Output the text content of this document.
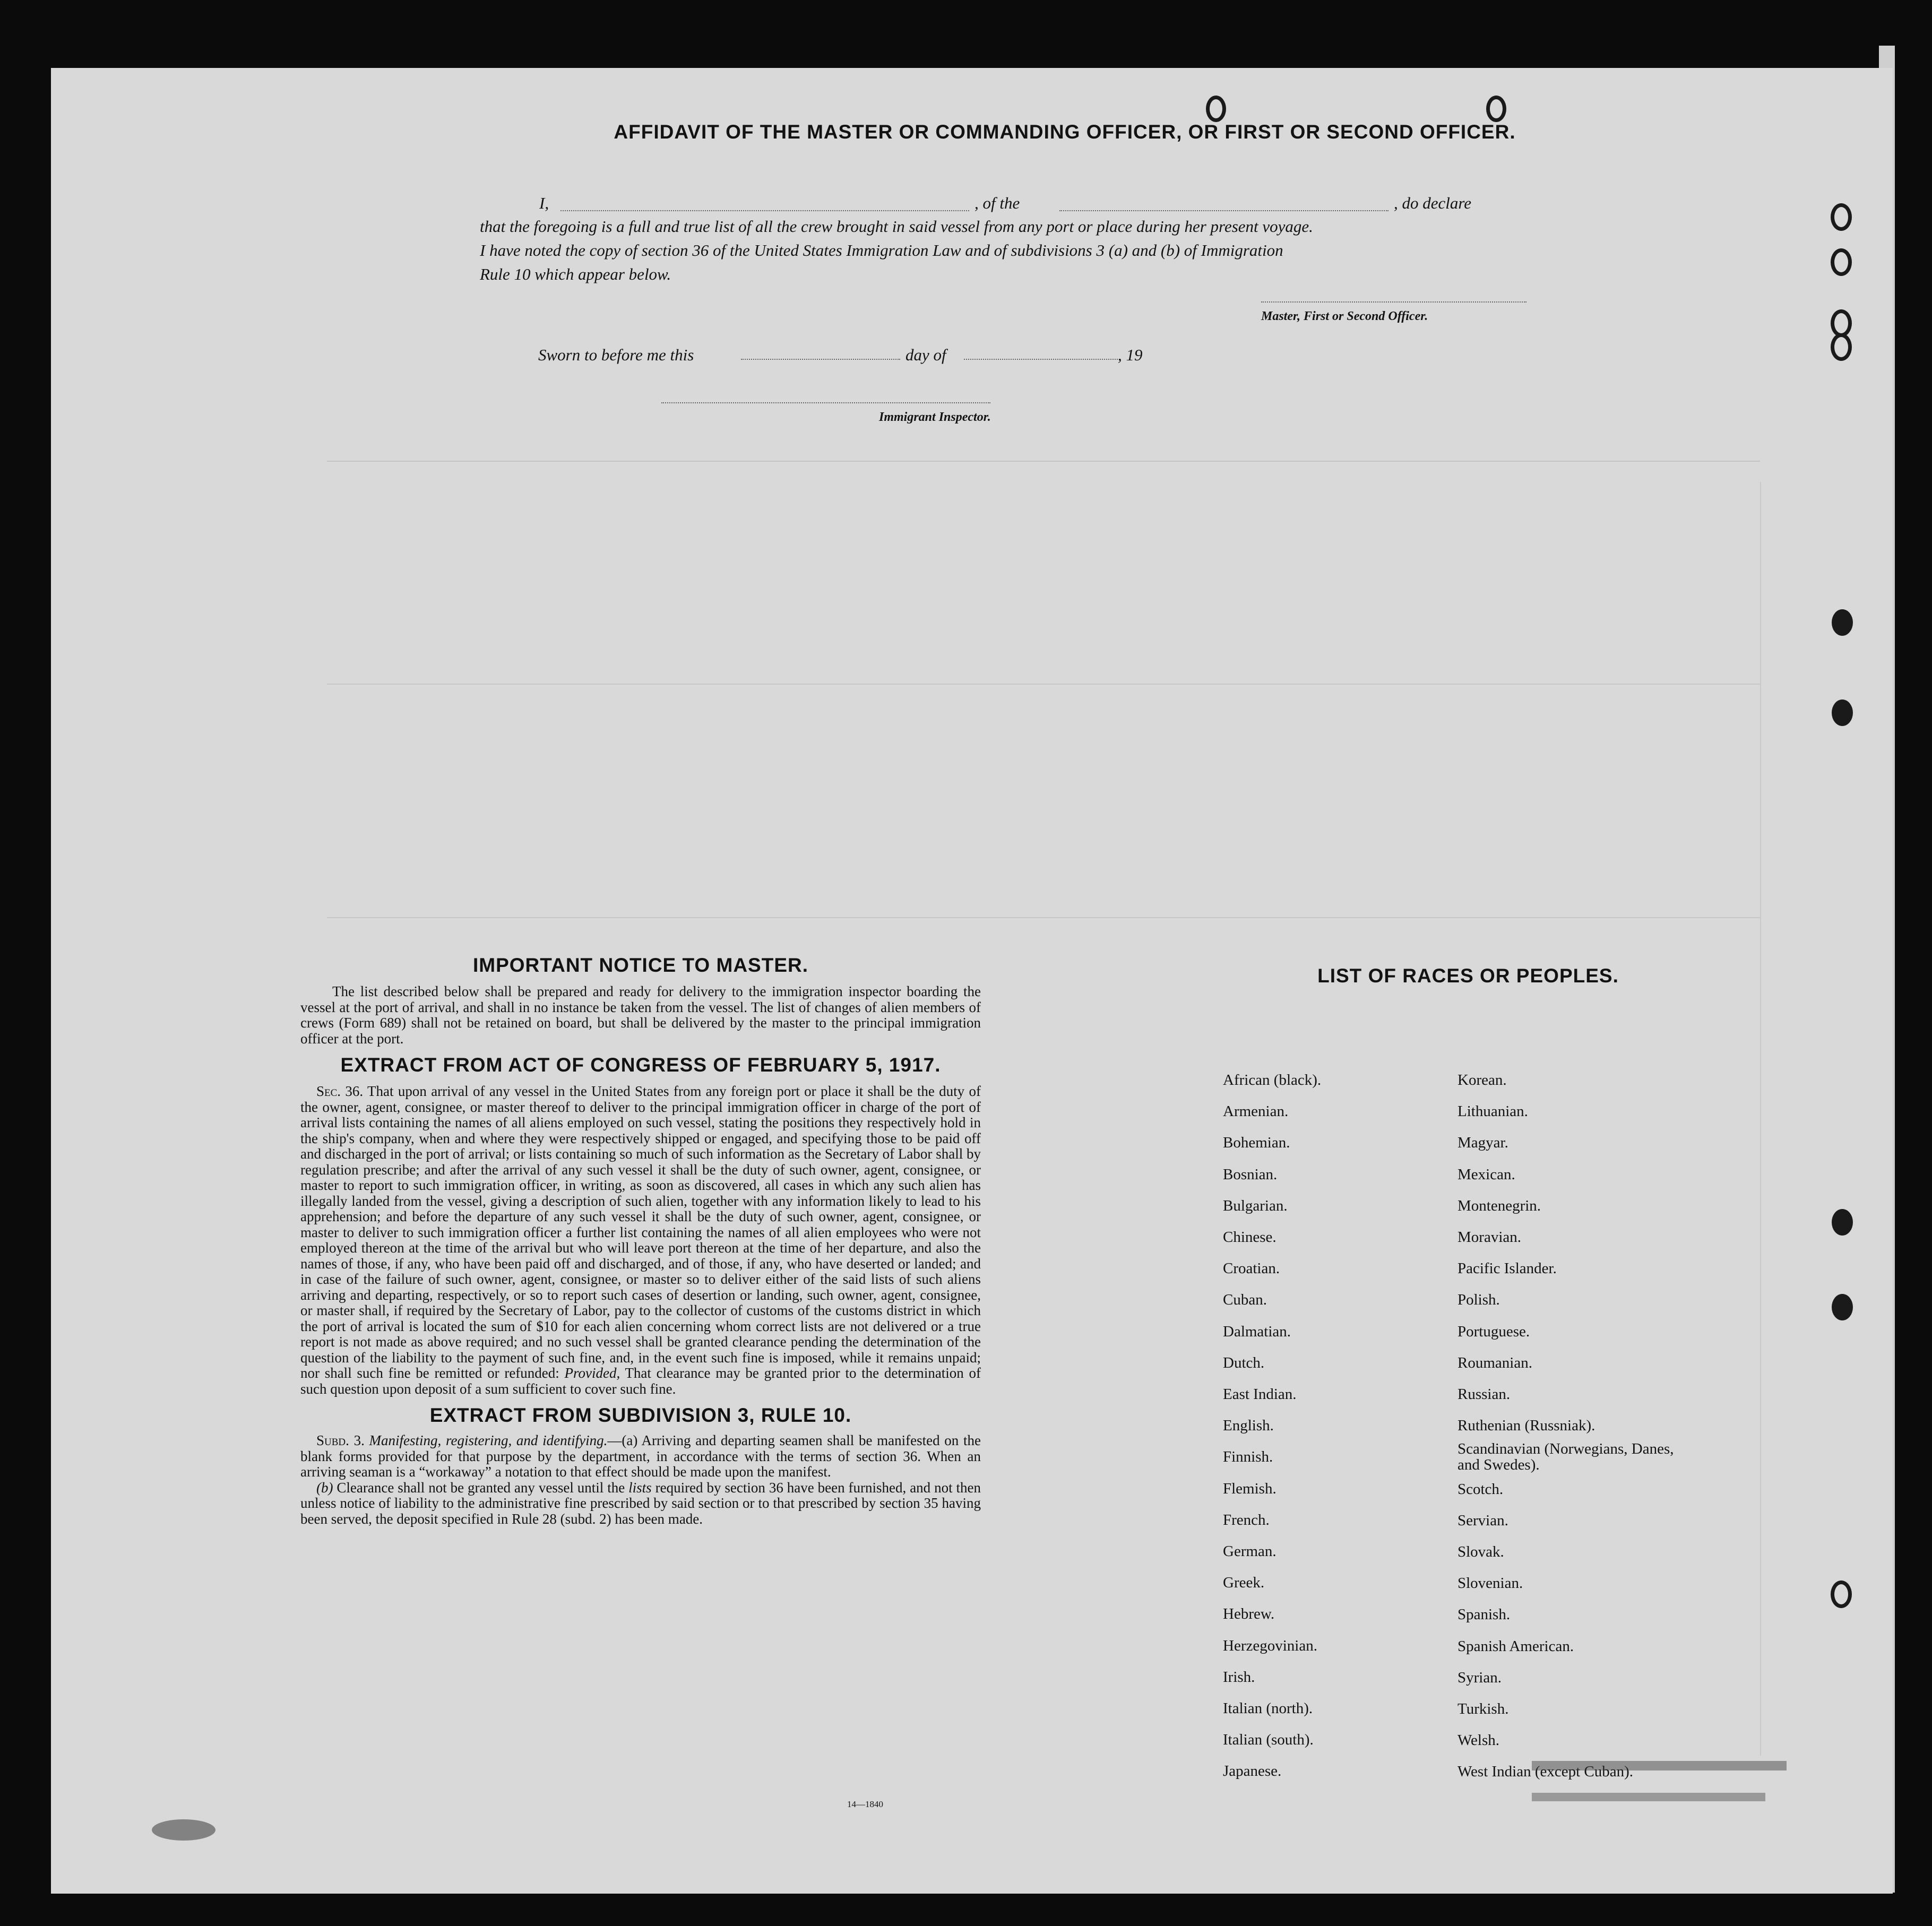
AFFIDAVIT OF THE MASTER OR COMMANDING OFFICER, OR FIRST OR SECOND OFFICER.
I,	, of the	, do declare
that the foregoing is a full and true list of all the crew brought in said vessel from any port or place during her present voyage.
I have noted the copy of section 36 of the United States Immigration Law and of subdivisions 3 (a) and (b) of Immigration
Rule 10 which appear below.
Master, First or Second Officer.
Sworn to before me this	day of	, 19
Immigrant Inspector.
IMPORTANT NOTICE TO MASTER.

The list described below shall be prepared and ready for delivery to the immigration inspector boarding the vessel at the port of arrival, and shall in no instance be taken from the vessel. The list of changes of alien members of crews (Form 689) shall not be retained on board, but shall be delivered by the master to the principal immigration officer at the port.

EXTRACT FROM ACT OF CONGRESS OF FEBRUARY 5, 1917.

Sec. 36. That upon arrival of any vessel in the United States from any foreign port or place it shall be the duty of the owner, agent, consignee, or master thereof to deliver to the principal immigration officer in charge of the port of arrival lists containing the names of all aliens employed on such vessel, stating the positions they respectively hold in the ship's company, when and where they were respectively shipped or engaged, and specifying those to be paid off and discharged in the port of arrival; or lists containing so much of such information as the Secretary of Labor shall by regulation prescribe; and after the arrival of any such vessel it shall be the duty of such owner, agent, consignee, or master to report to such immigration officer, in writing, as soon as discovered, all cases in which any such alien has illegally landed from the vessel, giving a description of such alien, together with any information likely to lead to his apprehension; and before the departure of any such vessel it shall be the duty of such owner, agent, consignee, or master to deliver to such immigration officer a further list containing the names of all alien employees who were not employed thereon at the time of the arrival but who will leave port thereon at the time of her departure, and also the names of those, if any, who have been paid off and discharged, and of those, if any, who have deserted or landed; and in case of the failure of such owner, agent, consignee, or master so to deliver either of the said lists of such aliens arriving and departing, respectively, or so to report such cases of desertion or landing, such owner, agent, consignee, or master shall, if required by the Secretary of Labor, pay to the collector of customs of the customs district in which the port of arrival is located the sum of $10 for each alien concerning whom correct lists are not delivered or a true report is not made as above required; and no such vessel shall be granted clearance pending the determination of the question of the liability to the payment of such fine, and, in the event such fine is imposed, while it remains unpaid; nor shall such fine be remitted or refunded: Provided, That clearance may be granted prior to the determination of such question upon deposit of a sum sufficient to cover such fine.

EXTRACT FROM SUBDIVISION 3, RULE 10.

Subd. 3. Manifesting, registering, and identifying.—(a) Arriving and departing seamen shall be manifested on the blank forms provided for that purpose by the department, in accordance with the terms of section 36. When an arriving seaman is a “workaway” a notation to that effect should be made upon the manifest.

(b) Clearance shall not be granted any vessel until the lists required by section 36 have been furnished, and not then unless notice of liability to the administrative fine prescribed by said section or to that prescribed by section 35 having been served, the deposit specified in Rule 28 (subd. 2) has been made.

14—1840
LIST OF RACES OR PEOPLES.
African (black).
Armenian.
Bohemian.
Bosnian.
Bulgarian.
Chinese.
Croatian.
Cuban.
Dalmatian.
Dutch.
East Indian.
English.
Finnish.
Flemish.
French.
German.
Greek.
Hebrew.
Herzegovinian.
Irish.
Italian (north).
Italian (south).
Japanese.
Korean.
Lithuanian.
Magyar.
Mexican.
Montenegrin.
Moravian.
Pacific Islander.
Polish.
Portuguese.
Roumanian.
Russian.
Ruthenian (Russniak).
Scandinavian (Norwegians, Danes, and Swedes).
Scotch.
Servian.
Slovak.
Slovenian.
Spanish.
Spanish American.
Syrian.
Turkish.
Welsh.
West Indian (except Cuban).
